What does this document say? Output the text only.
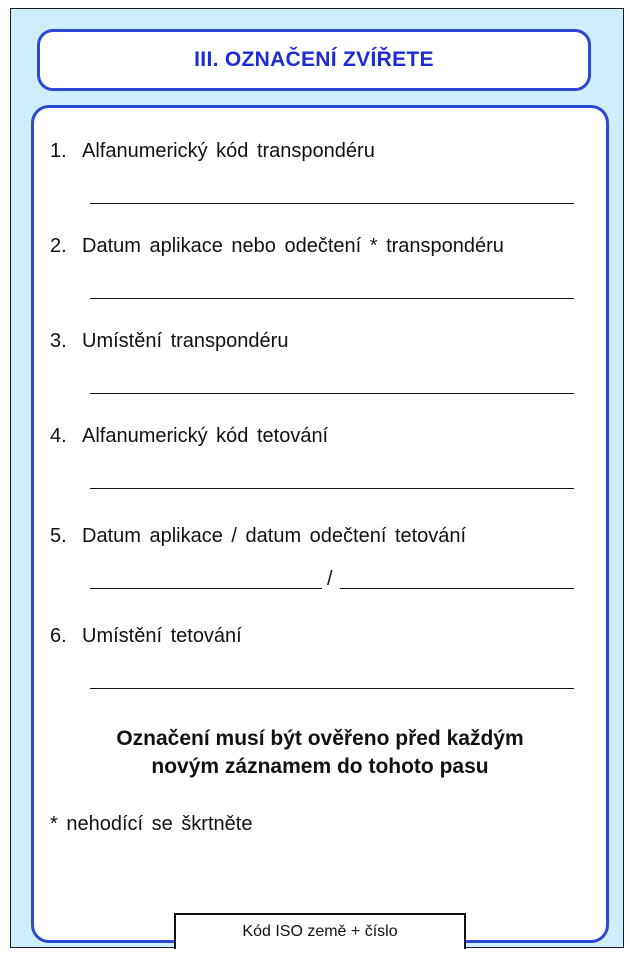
III. OZNAČENÍ ZVÍŘETE
1. Alfanumerický kód transpondéru
2. Datum aplikace nebo odečtení * transpondéru
3. Umístění transpondéru
4. Alfanumerický kód tetování
5. Datum aplikace / datum odečtení tetování
/
6. Umístění tetování
Označení musí být ověřeno před každým
novým záznamem do tohoto pasu
* nehodící se škrtněte
Kód ISO země + číslo
